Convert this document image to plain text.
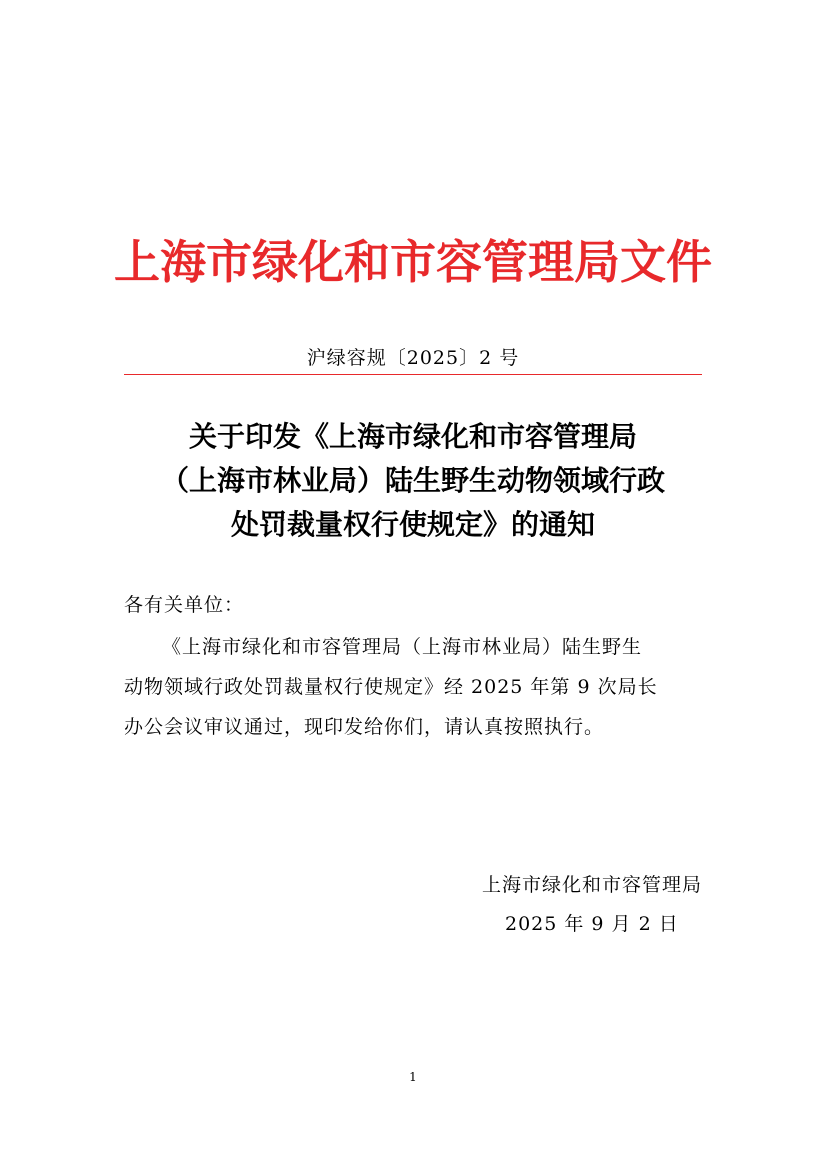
上海市绿化和市容管理局文件
沪绿容规〔2025〕2 号
关于印发《上海市绿化和市容管理局
（上海市林业局）陆生野生动物领域行政
处罚裁量权行使规定》的通知
各有关单位：
《上海市绿化和市容管理局（上海市林业局）陆生野生
动物领域行政处罚裁量权行使规定》经 2025 年第 9 次局长
办公会议审议通过，现印发给你们，请认真按照执行。
上海市绿化和市容管理局
2025 年 9 月 2 日
1
